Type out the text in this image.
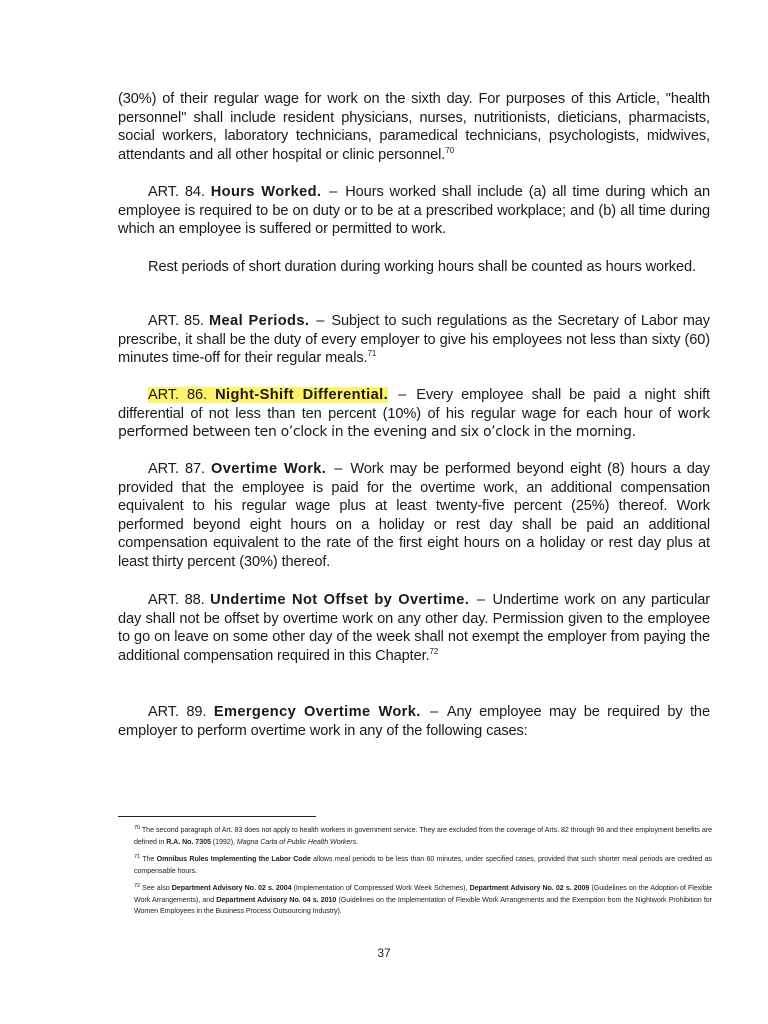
(30%) of their regular wage for work on the sixth day. For purposes of this Article, "health personnel" shall include resident physicians, nurses, nutritionists, dieticians, pharmacists, social workers, laboratory technicians, paramedical technicians, psychologists, midwives, attendants and all other hospital or clinic personnel.$^{70}$

ART. 84. Hours Worked. – Hours worked shall include (a) all time during which an employee is required to be on duty or to be at a prescribed workplace; and (b) all time during which an employee is suffered or permitted to work.

Rest periods of short duration during working hours shall be counted as hours worked.

ART. 85. Meal Periods. – Subject to such regulations as the Secretary of Labor may prescribe, it shall be the duty of every employer to give his employees not less than sixty (60) minutes time-off for their regular meals.$^{71}$

ART. 86. Night-Shift Differential. – Every employee shall be paid a night shift differential of not less than ten percent (10%) of his regular wage for each hour of work performed between ten o’clock in the evening and six o’clock in the morning.

ART. 87. Overtime Work. – Work may be performed beyond eight (8) hours a day provided that the employee is paid for the overtime work, an additional compensation equivalent to his regular wage plus at least twenty-five percent (25%) thereof. Work performed beyond eight hours on a holiday or rest day shall be paid an additional compensation equivalent to the rate of the first eight hours on a holiday or rest day plus at least thirty percent (30%) thereof.

ART. 88. Undertime Not Offset by Overtime. – Undertime work on any particular day shall not be offset by overtime work on any other day. Permission given to the employee to go on leave on some other day of the week shall not exempt the employer from paying the additional compensation required in this Chapter.$^{72}$

ART. 89. Emergency Overtime Work. – Any employee may be required by the employer to perform overtime work in any of the following cases:

$^{70}$ The second paragraph of Art. 83 does not apply to health workers in government service. They are excluded from the coverage of Arts. 82 through 96 and their employment benefits are defined in R.A. No. 7305 (1992), Magna Carta of Public Health Workers.
$^{71}$ The Omnibus Rules Implementing the Labor Code allows meal periods to be less than 60 minutes, under specified cases, provided that such shorter meal periods are credited as compensable hours.
$^{72}$ See also Department Advisory No. 02 s. 2004 (Implementation of Compressed Work Week Schemes), Department Advisory No. 02 s. 2009 (Guidelines on the Adoption of Flexible Work Arrangements), and Department Advisory No. 04 s. 2010 (Guidelines on the Implementation of Flexible Work Arrangements and the Exemption from the Nightwork Prohibition for Women Employees in the Business Process Outsourcing Industry).
37
